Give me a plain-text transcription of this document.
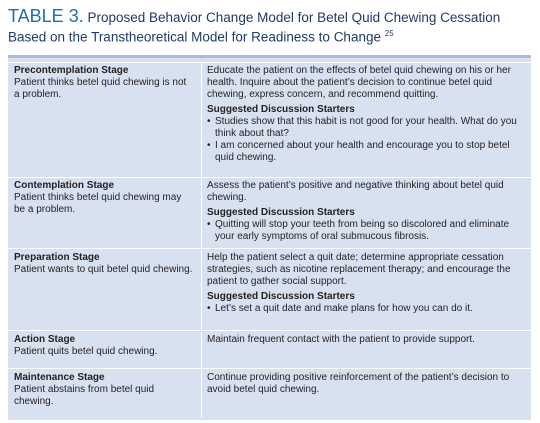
TABLE 3. Proposed Behavior Change Model for Betel Quid Chewing Cessation
Based on the Transtheoretical Model for Readiness to Change $^{25}$
Precontemplation Stage
Patient thinks betel quid chewing is not a problem.
Educate the patient on the effects of betel quid chewing on his or her health. Inquire about the patient’s decision to continue betel quid chewing, express concern, and recommend quitting.
Suggested Discussion Starters
• Studies show that this habit is not good for your health. What do you think about that?
• I am concerned about your health and encourage you to stop betel quid chewing.
Contemplation Stage
Patient thinks betel quid chewing may be a problem.
Assess the patient’s positive and negative thinking about betel quid chewing.
Suggested Discussion Starters
• Quitting will stop your teeth from being so discolored and eliminate your early symptoms of oral submucous fibrosis.
Preparation Stage
Patient wants to quit betel quid chewing.
Help the patient select a quit date; determine appropriate cessation strategies, such as nicotine replacement therapy; and encourage the patient to gather social support.
Suggested Discussion Starters
• Let’s set a quit date and make plans for how you can do it.
Action Stage
Patient quits betel quid chewing.
Maintain frequent contact with the patient to provide support.
Maintenance Stage
Patient abstains from betel quid chewing.
Continue providing positive reinforcement of the patient’s decision to avoid betel quid chewing.
